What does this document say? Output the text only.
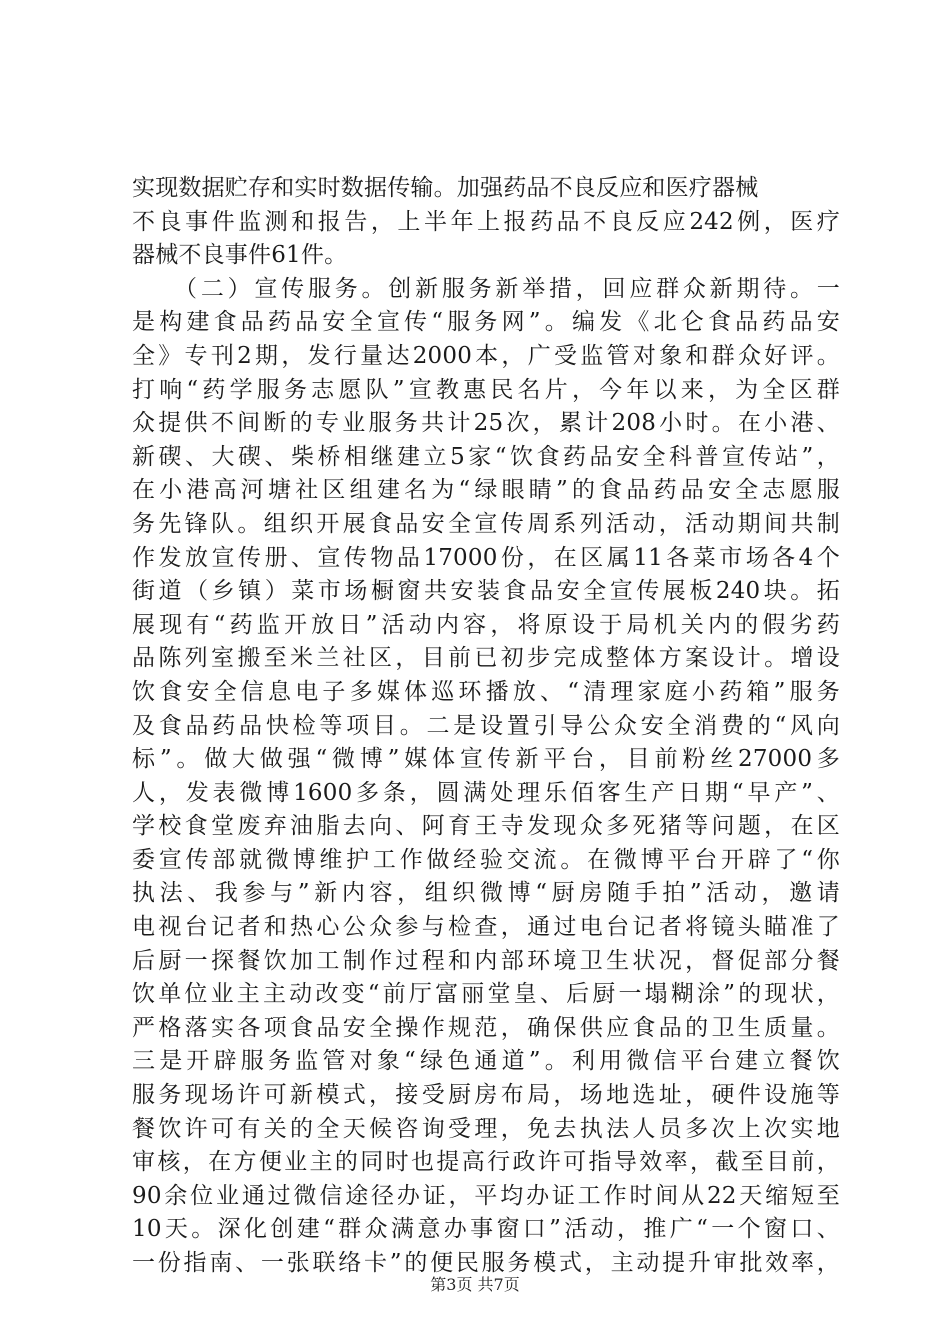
实现数据贮存和实时数据传输。加强药品不良反应和医疗器械
不良事件监测和报告，上半年上报药品不良反应242例，医疗
器械不良事件61件。
　　（二）宣传服务。创新服务新举措，回应群众新期待。一
是构建食品药品安全宣传“服务网”。编发《北仑食品药品安
全》专刊2期，发行量达2000本，广受监管对象和群众好评。
打响“药学服务志愿队”宣教惠民名片，今年以来，为全区群
众提供不间断的专业服务共计25次，累计208小时。在小港、
新碶、大碶、柴桥相继建立5家“饮食药品安全科普宣传站”，
在小港高河塘社区组建名为“绿眼睛”的食品药品安全志愿服
务先锋队。组织开展食品安全宣传周系列活动，活动期间共制
作发放宣传册、宣传物品17000份，在区属11各菜市场各4个
街道（乡镇）菜市场橱窗共安装食品安全宣传展板240块。拓
展现有“药监开放日”活动内容，将原设于局机关内的假劣药
品陈列室搬至米兰社区，目前已初步完成整体方案设计。增设
饮食安全信息电子多媒体巡环播放、“清理家庭小药箱”服务
及食品药品快检等项目。二是设置引导公众安全消费的“风向
标”。做大做强“微博”媒体宣传新平台，目前粉丝27000多
人，发表微博1600多条，圆满处理乐佰客生产日期“早产”、
学校食堂废弃油脂去向、阿育王寺发现众多死猪等问题，在区
委宣传部就微博维护工作做经验交流。在微博平台开辟了“你
执法、我参与”新内容，组织微博“厨房随手拍”活动，邀请
电视台记者和热心公众参与检查，通过电台记者将镜头瞄准了
后厨一探餐饮加工制作过程和内部环境卫生状况，督促部分餐
饮单位业主主动改变“前厅富丽堂皇、后厨一塌糊涂”的现状，
严格落实各项食品安全操作规范，确保供应食品的卫生质量。
三是开辟服务监管对象“绿色通道”。利用微信平台建立餐饮
服务现场许可新模式，接受厨房布局，场地选址，硬件设施等
餐饮许可有关的全天候咨询受理，免去执法人员多次上次实地
审核，在方便业主的同时也提高行政许可指导效率，截至目前，
90余位业通过微信途径办证，平均办证工作时间从22天缩短至
10天。深化创建“群众满意办事窗口”活动，推广“一个窗口、
一份指南、一张联络卡”的便民服务模式，主动提升审批效率，
第3页 共7页
